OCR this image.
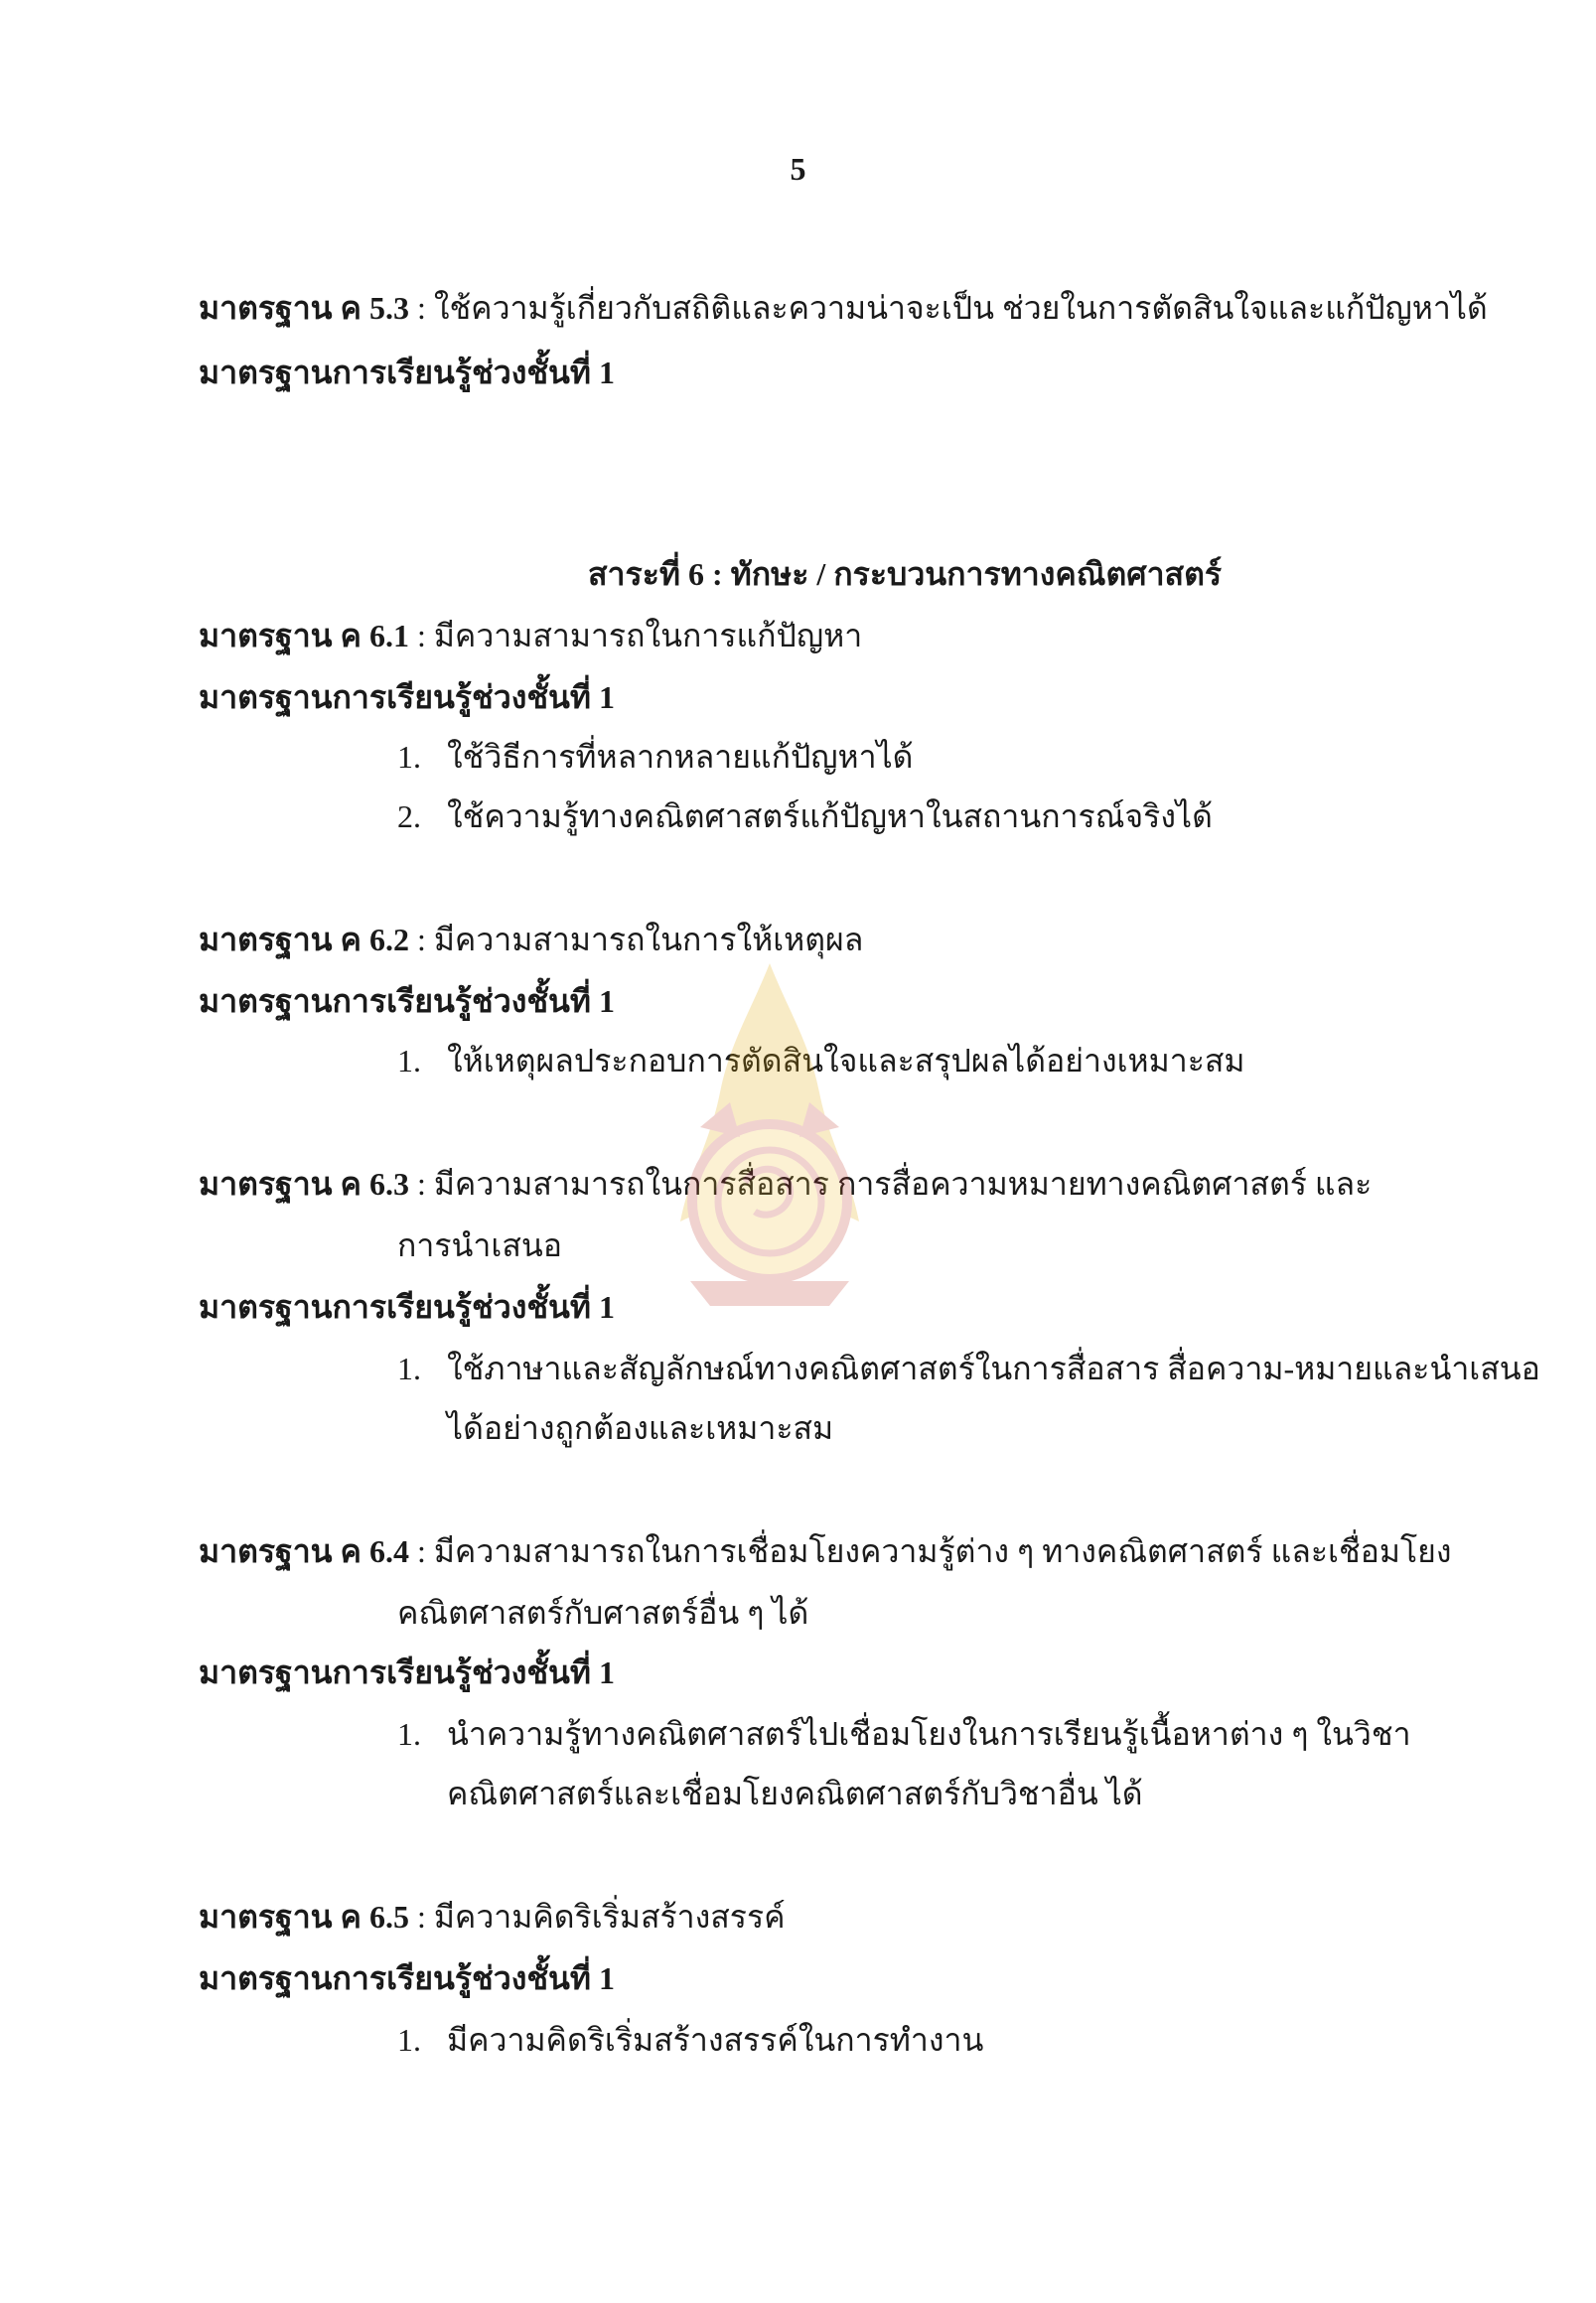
5
มาตรฐาน ค 5.3 : ใช้ความรู้เกี่ยวกับสถิติและความน่าจะเป็น ช่วยในการตัดสินใจและแก้ปัญหาได้
มาตรฐานการเรียนรู้ช่วงชั้นที่ 1
สาระที่ 6 : ทักษะ / กระบวนการทางคณิตศาสตร์
มาตรฐาน ค 6.1 : มีความสามารถในการแก้ปัญหา
มาตรฐานการเรียนรู้ช่วงชั้นที่ 1
1. ใช้วิธีการที่หลากหลายแก้ปัญหาได้
2. ใช้ความรู้ทางคณิตศาสตร์แก้ปัญหาในสถานการณ์จริงได้
มาตรฐาน ค 6.2 : มีความสามารถในการให้เหตุผล
มาตรฐานการเรียนรู้ช่วงชั้นที่ 1
1. ให้เหตุผลประกอบการตัดสินใจและสรุปผลได้อย่างเหมาะสม
มาตรฐาน ค 6.3 : มีความสามารถในการสื่อสาร การสื่อความหมายทางคณิตศาสตร์ และ
การนำเสนอ
มาตรฐานการเรียนรู้ช่วงชั้นที่ 1
1. ใช้ภาษาและสัญลักษณ์ทางคณิตศาสตร์ในการสื่อสาร สื่อความ-หมายและนำเสนอ
ได้อย่างถูกต้องและเหมาะสม
มาตรฐาน ค 6.4 : มีความสามารถในการเชื่อมโยงความรู้ต่าง ๆ ทางคณิตศาสตร์ และเชื่อมโยง
คณิตศาสตร์กับศาสตร์อื่น ๆ ได้
มาตรฐานการเรียนรู้ช่วงชั้นที่ 1
1. นำความรู้ทางคณิตศาสตร์ไปเชื่อมโยงในการเรียนรู้เนื้อหาต่าง ๆ ในวิชา
คณิตศาสตร์และเชื่อมโยงคณิตศาสตร์กับวิชาอื่น ได้
มาตรฐาน ค 6.5 : มีความคิดริเริ่มสร้างสรรค์
มาตรฐานการเรียนรู้ช่วงชั้นที่ 1
1. มีความคิดริเริ่มสร้างสรรค์ในการทำงาน
